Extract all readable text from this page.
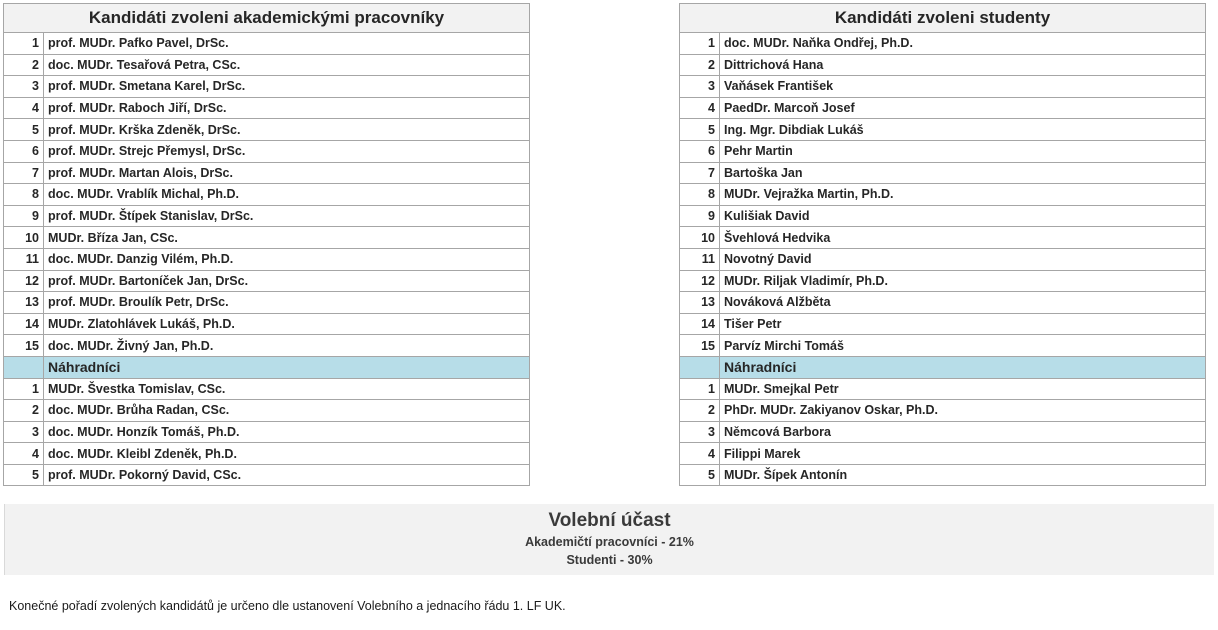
Kandidáti zvoleni akademickými pracovníky	
1	prof. MUDr. Pafko Pavel, DrSc.
2	doc. MUDr. Tesařová Petra, CSc.
3	prof. MUDr. Smetana Karel, DrSc.
4	prof. MUDr. Raboch Jiří, DrSc.
5	prof. MUDr. Krška Zdeněk, DrSc.
6	prof. MUDr. Strejc Přemysl, DrSc.
7	prof. MUDr. Martan Alois, DrSc.
8	doc. MUDr. Vrablík Michal, Ph.D.
9	prof. MUDr. Štípek Stanislav, DrSc.
10	MUDr. Bříza Jan, CSc.
11	doc. MUDr. Danzig Vilém, Ph.D.
12	prof. MUDr. Bartoníček Jan, DrSc.
13	prof. MUDr. Broulík Petr, DrSc.
14	MUDr. Zlatohlávek Lukáš, Ph.D.
15	doc. MUDr. Živný Jan, Ph.D.
	Náhradníci
1	MUDr. Švestka Tomislav, CSc.
2	doc. MUDr. Brůha Radan, CSc.
3	doc. MUDr. Honzík Tomáš, Ph.D.
4	doc. MUDr. Kleibl Zdeněk, Ph.D.
5	prof. MUDr. Pokorný David, CSc.
Kandidáti zvoleni studenty	
1	doc. MUDr. Naňka Ondřej, Ph.D.
2	Dittrichová Hana
3	Vaňásek František
4	PaedDr. Marcoň Josef
5	Ing. Mgr. Dibdiak Lukáš
6	Pehr Martin
7	Bartoška Jan
8	MUDr. Vejražka Martin, Ph.D.
9	Kulišiak David
10	Švehlová Hedvika
11	Novotný David
12	MUDr. Riljak Vladimír, Ph.D.
13	Nováková Alžběta
14	Tišer Petr
15	Parvíz Mirchi Tomáš
	Náhradníci
1	MUDr. Smejkal Petr
2	PhDr. MUDr. Zakiyanov Oskar, Ph.D.
3	Němcová Barbora
4	Filippi Marek
5	MUDr. Šípek Antonín
Volební účast
Akademičtí pracovníci - 21%
Studenti - 30%
Konečné pořadí zvolených kandidátů je určeno dle ustanovení Volebního a jednacího řádu 1. LF UK.
